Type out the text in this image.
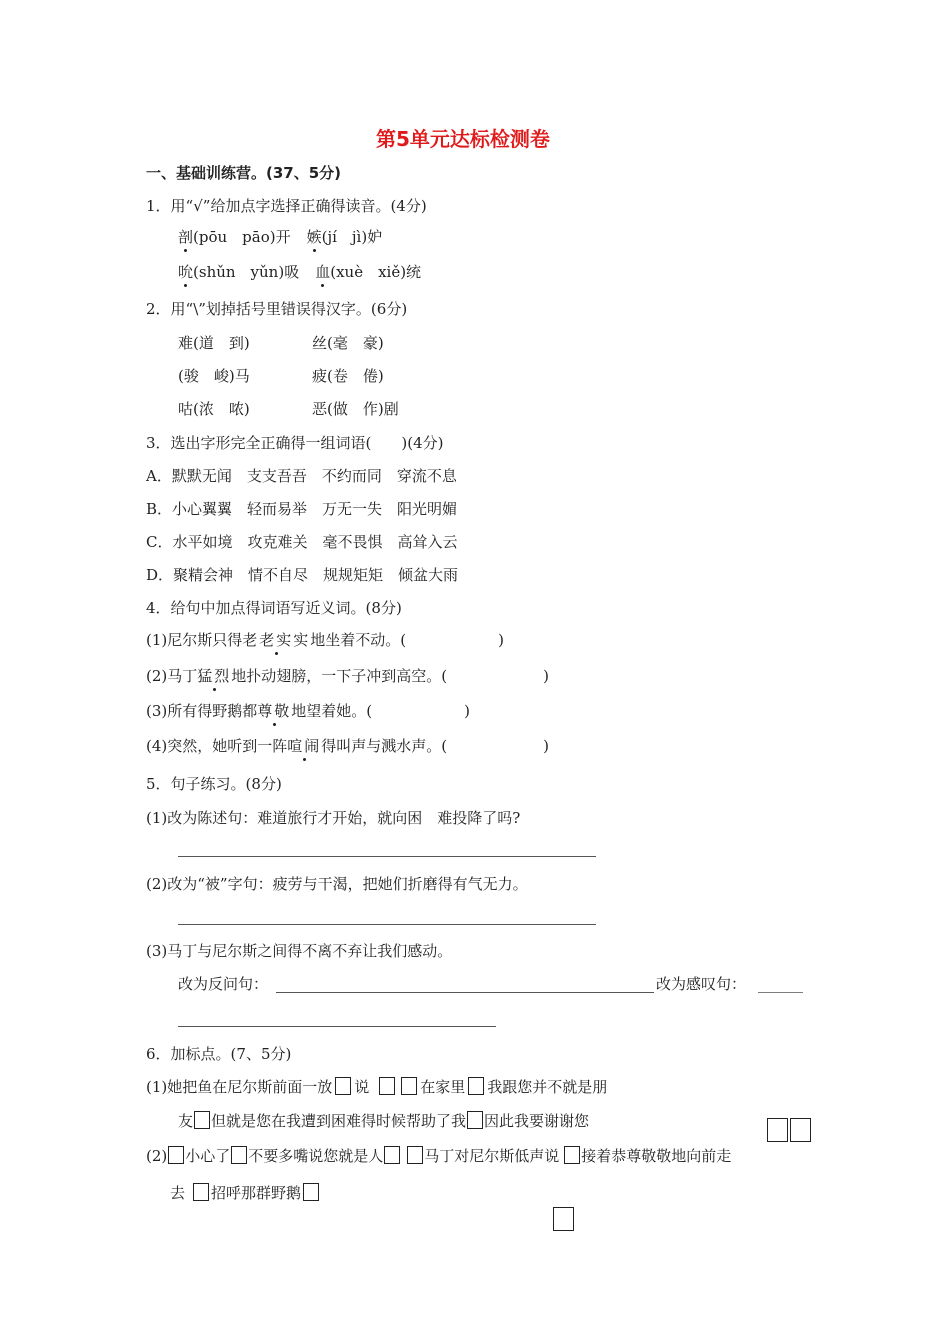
第5单元达标检测卷
一、基础训练营。(37、5分)
1．用“√”给加点字选择正确得读音。(4分)
剖(pōu　pāo)开 嫉(jí　jì)妒
吮(shǔn　yǔn)吸 血(xuè　xiě)统
2．用“\”划掉括号里错误得汉字。(6分)
难(道　到)	丝(毫　豪)
(骏　峻)马	疲(卷　倦)
咕(浓　哝)	恶(做　作)剧
3．选出字形完全正确得一组词语(　　)(4分)
A．默默无闻　支支吾吾　不约而同　穿流不息
B．小心翼翼　轻而易举　万无一失　阳光明媚
C．水平如境　攻克难关　毫不畏惧　高耸入云
D．聚精会神　情不自尽　规规矩矩　倾盆大雨
4．给句中加点得词语写近义词。(8分)
(1)尼尔斯只得老老实实地坐着不动。(	)
(2)马丁猛烈地扑动翅膀，一下子冲到高空。(	)
(3)所有得野鹅都尊敬地望着她。(	)
(4)突然，她听到一阵喧闹得叫声与溅水声。(	)
5．句子练习。(8分)
(1)改为陈述句：难道旅行才开始，就向困　难投降了吗?
(2)改为“被”字句：疲劳与干渴，把她们折磨得有气无力。
(3)马丁与尼尔斯之间得不离不弃让我们感动。
改为反问句：	改为感叹句： ______
6．加标点。(7、5分)
(1)她把鱼在尼尔斯前面一放 说	在家里 我跟您并不就是朋
友 但就是您在我遭到困难得时候帮助了我 因此我要谢谢您
(2) 小心了 不要多嘴说您就是人	马丁对尼尔斯低声说 接着恭尊敬敬地向前走
去 招呼那群野鹅
